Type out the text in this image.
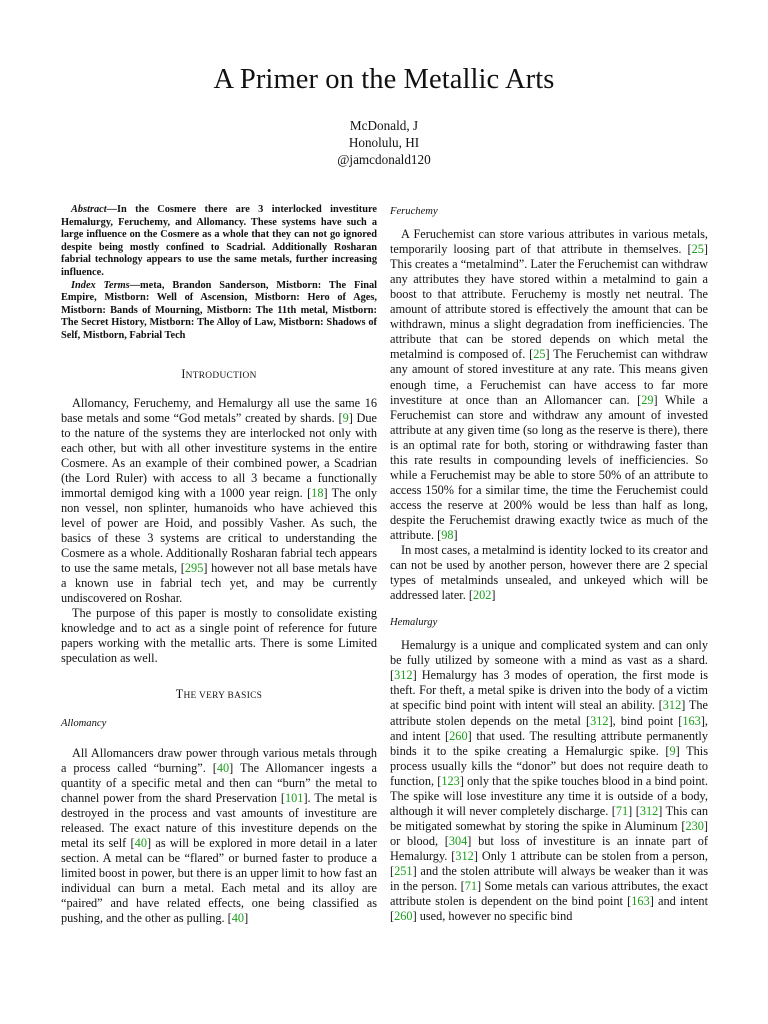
A Primer on the Metallic Arts
McDonald, J
Honolulu, HI
@jamcdonald120

Abstract—In the Cosmere there are 3 interlocked investiture Hemalurgy, Feruchemy, and Allomancy. These systems have such a large influence on the Cosmere as a whole that they can not go ignored despite being mostly confined to Scadrial. Additionally Rosharan fabrial technology appears to use the same metals, further increasing influence.

Index Terms—meta, Brandon Sanderson, Mistborn: The Final Empire, Mistborn: Well of Ascension, Mistborn: Hero of Ages, Mistborn: Bands of Mourning, Mistborn: The 11th metal, Mistborn: The Secret History, Mistborn: The Alloy of Law, Mistborn: Shadows of Self, Mistborn, Fabrial Tech

INTRODUCTION

Allomancy, Feruchemy, and Hemalurgy all use the same 16 base metals and some “God metals” created by shards. [9] Due to the nature of the systems they are interlocked not only with each other, but with all other investiture systems in the entire Cosmere. As an example of their combined power, a Scadrian (the Lord Ruler) with access to all 3 became a functionally immortal demigod king with a 1000 year reign. [18] The only non vessel, non splinter, humanoids who have achieved this level of power are Hoid, and possibly Vasher. As such, the basics of these 3 systems are critical to understanding the Cosmere as a whole. Additionally Rosharan fabrial tech appears to use the same metals, [295] however not all base metals have a known use in fabrial tech yet, and may be currently undiscovered on Roshar.

The purpose of this paper is mostly to consolidate existing knowledge and to act as a single point of reference for future papers working with the metallic arts. There is some Limited speculation as well.

THE VERY BASICS
Allomancy

All Allomancers draw power through various metals through a process called “burning”. [40] The Allomancer ingests a quantity of a specific metal and then can “burn” the metal to channel power from the shard Preservation [101]. The metal is destroyed in the process and vast amounts of investiture are released. The exact nature of this investiture depends on the metal its self [40] as will be explored in more detail in a later section. A metal can be “flared” or burned faster to produce a limited boost in power, but there is an upper limit to how fast an individual can burn a metal. Each metal and its alloy are “paired” and have related effects, one being classified as pushing, and the other as pulling. [40]

Feruchemy

A Feruchemist can store various attributes in various metals, temporarily loosing part of that attribute in themselves. [25] This creates a “metalmind”. Later the Feruchemist can withdraw any attributes they have stored within a metalmind to gain a boost to that attribute. Feruchemy is mostly net neutral. The amount of attribute stored is effectively the amount that can be withdrawn, minus a slight degradation from inefficiencies. The attribute that can be stored depends on which metal the metalmind is composed of. [25] The Feruchemist can withdraw any amount of stored investiture at any rate. This means given enough time, a Feruchemist can have access to far more investiture at once than an Allomancer can. [29] While a Feruchemist can store and withdraw any amount of invested attribute at any given time (so long as the reserve is there), there is an optimal rate for both, storing or withdrawing faster than this rate results in compounding levels of inefficiencies. So while a Feruchemist may be able to store 50% of an attribute to access 150% for a similar time, the time the Feruchemist could access the reserve at 200% would be less than half as long, despite the Feruchemist drawing exactly twice as much of the attribute. [98]

In most cases, a metalmind is identity locked to its creator and can not be used by another person, however there are 2 special types of metalminds unsealed, and unkeyed which will be addressed later. [202]

Hemalurgy

Hemalurgy is a unique and complicated system and can only be fully utilized by someone with a mind as vast as a shard. [312] Hemalurgy has 3 modes of operation, the first mode is theft. For theft, a metal spike is driven into the body of a victim at specific bind point with intent will steal an ability. [312] The attribute stolen depends on the metal [312], bind point [163], and intent [260] that used. The resulting attribute permanently binds it to the spike creating a Hemalurgic spike. [9] This process usually kills the “donor” but does not require death to function, [123] only that the spike touches blood in a bind point. The spike will lose investiture any time it is outside of a body, although it will never completely discharge. [71] [312] This can be mitigated somewhat by storing the spike in Aluminum [230] or blood, [304] but loss of investiture is an innate part of Hemalurgy. [312] Only 1 attribute can be stolen from a person, [251] and the stolen attribute will always be weaker than it was in the person. [71] Some metals can various attributes, the exact attribute stolen is dependent on the bind point [163] and intent [260] used, however no specific bind
